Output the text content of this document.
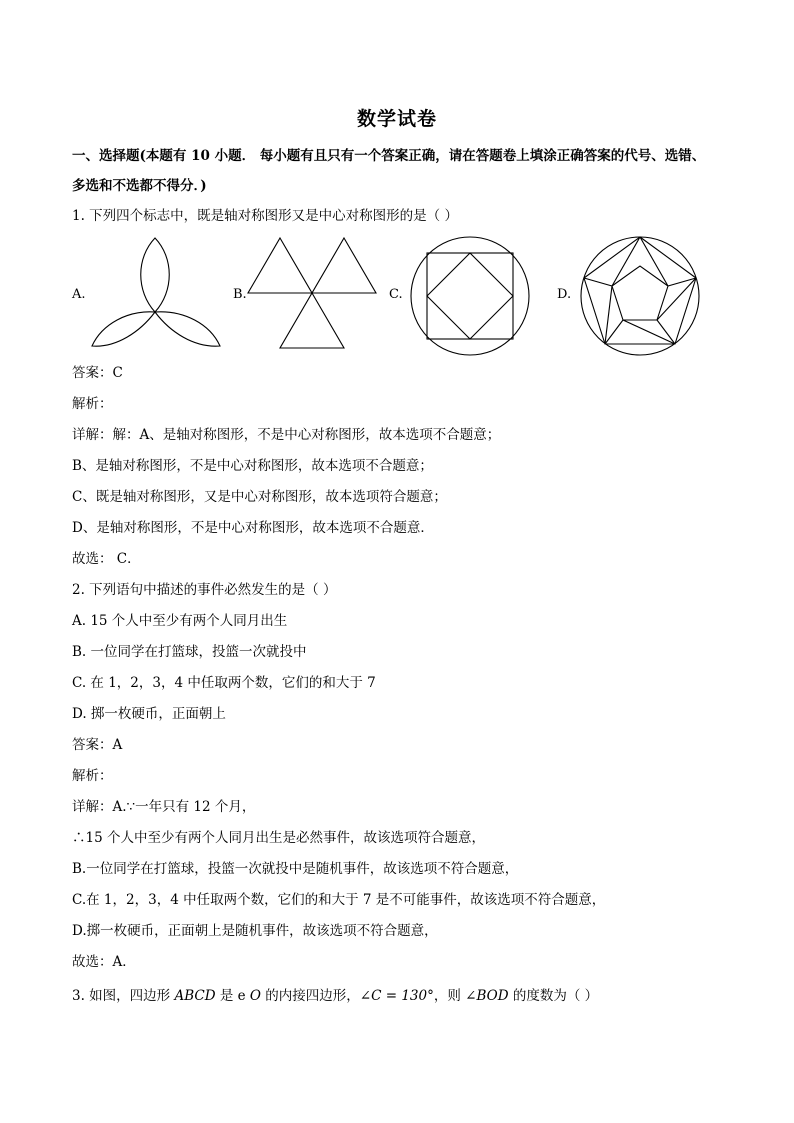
数学试卷
一、选择题(本题有 10 小题． 每小题有且只有一个答案正确，请在答题卷上填涂正确答案的代号、选错、
多选和不选都不得分．)
1. 下列四个标志中，既是轴对称图形又是中心对称图形的是（ ）
A.	B.	C.	D.
答案：C
解析：
详解：解：A、是轴对称图形，不是中心对称图形，故本选项不合题意；
B、是轴对称图形，不是中心对称图形，故本选项不合题意；
C、既是轴对称图形，又是中心对称图形，故本选项符合题意；
D、是轴对称图形，不是中心对称图形，故本选项不合题意．
故选： C．
2. 下列语句中描述的事件必然发生的是（ ）
A. 15 个人中至少有两个人同月出生
B. 一位同学在打篮球，投篮一次就投中
C. 在 1，2，3，4 中任取两个数，它们的和大于 7
D. 掷一枚硬币，正面朝上
答案：A
解析：
详解：A.∵一年只有 12 个月，
∴15 个人中至少有两个人同月出生是必然事件，故该选项符合题意，
B.一位同学在打篮球，投篮一次就投中是随机事件，故该选项不符合题意，
C.在 1，2，3，4 中任取两个数，它们的和大于 7 是不可能事件，故该选项不符合题意，
D.掷一枚硬币，正面朝上是随机事件，故该选项不符合题意，
故选：A．
3. 如图，四边形 ABCD 是 e O 的内接四边形，∠C = 130°，则 ∠BOD 的度数为（ ）
